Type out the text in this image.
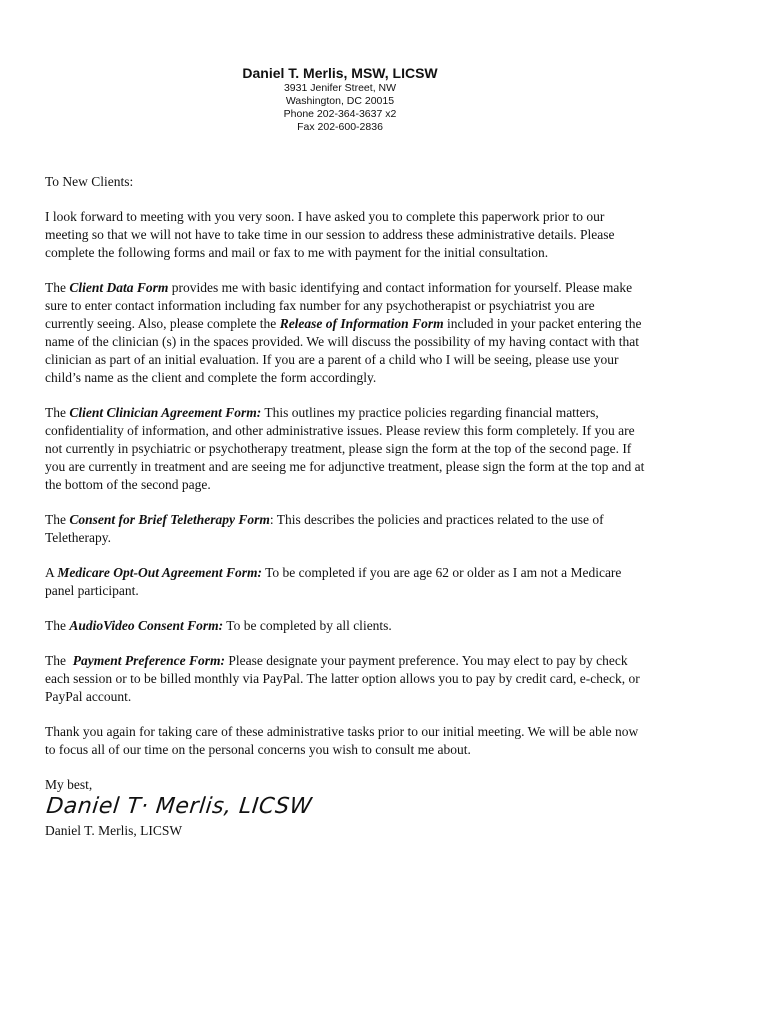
Daniel T. Merlis, MSW, LICSW
3931 Jenifer Street, NW
Washington, DC 20015
Phone 202-364-3637 x2
Fax 202-600-2836

To New Clients:

I look forward to meeting with you very soon. I have asked you to complete this paperwork prior to our meeting so that we will not have to take time in our session to address these administrative details. Please complete the following forms and mail or fax to me with payment for the initial consultation.

The Client Data Form provides me with basic identifying and contact information for yourself. Please make sure to enter contact information including fax number for any psychotherapist or psychiatrist you are currently seeing. Also, please complete the Release of Information Form included in your packet entering the name of the clinician (s) in the spaces provided. We will discuss the possibility of my having contact with that clinician as part of an initial evaluation. If you are a parent of a child who I will be seeing, please use your child’s name as the client and complete the form accordingly.

The Client Clinician Agreement Form: This outlines my practice policies regarding financial matters, confidentiality of information, and other administrative issues. Please review this form completely. If you are not currently in psychiatric or psychotherapy treatment, please sign the form at the top of the second page. If you are currently in treatment and are seeing me for adjunctive treatment, please sign the form at the top and at the bottom of the second page.

The Consent for Brief Teletherapy Form: This describes the policies and practices related to the use of Teletherapy.

A Medicare Opt-Out Agreement Form: To be completed if you are age 62 or older as I am not a Medicare panel participant.

The AudioVideo Consent Form: To be completed by all clients.

The  Payment Preference Form: Please designate your payment preference. You may elect to pay by check each session or to be billed monthly via PayPal. The latter option allows you to pay by credit card, e-check, or PayPal account.

Thank you again for taking care of these administrative tasks prior to our initial meeting. We will be able now to focus all of our time on the personal concerns you wish to consult me about.

My best,

Daniel T· Merlis, LICSW
Daniel T. Merlis, LICSW
